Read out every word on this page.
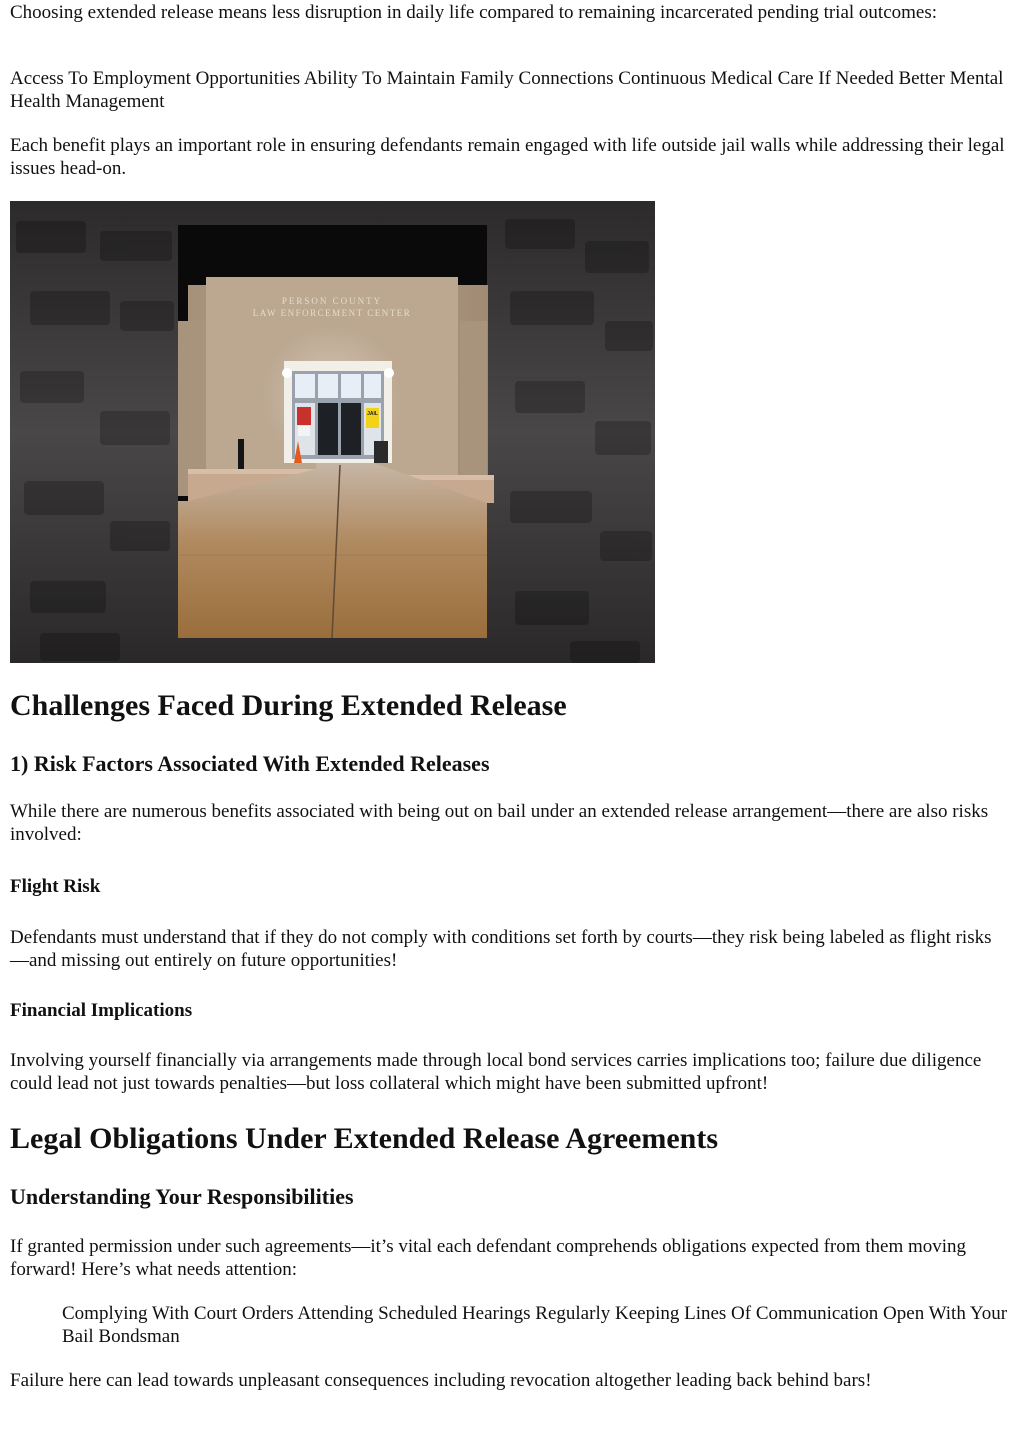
Choosing extended release means less disruption in daily life compared to remaining incarcerated pending trial outcomes:

Access To Employment Opportunities Ability To Maintain Family Connections Continuous Medical Care If Needed Better Mental Health Management

Each benefit plays an important role in ensuring defendants remain engaged with life outside jail walls while addressing their legal issues head-on.

PERSON COUNTY
LAW ENFORCEMENT CENTER
JAIL
Challenges Faced During Extended Release
1) Risk Factors Associated With Extended Releases

While there are numerous benefits associated with being out on bail under an extended release arrangement—there are also risks involved:

Flight Risk

Defendants must understand that if they do not comply with conditions set forth by courts—they risk being labeled as flight risks—and missing out entirely on future opportunities!

Financial Implications

Involving yourself financially via arrangements made through local bond services carries implications too; failure due diligence could lead not just towards penalties—but loss collateral which might have been submitted upfront!

Legal Obligations Under Extended Release Agreements
Understanding Your Responsibilities

If granted permission under such agreements—it’s vital each defendant comprehends obligations expected from them moving forward! Here’s what needs attention:

Complying With Court Orders Attending Scheduled Hearings Regularly Keeping Lines Of Communication Open With Your Bail Bondsman

Failure here can lead towards unpleasant consequences including revocation altogether leading back behind bars!
